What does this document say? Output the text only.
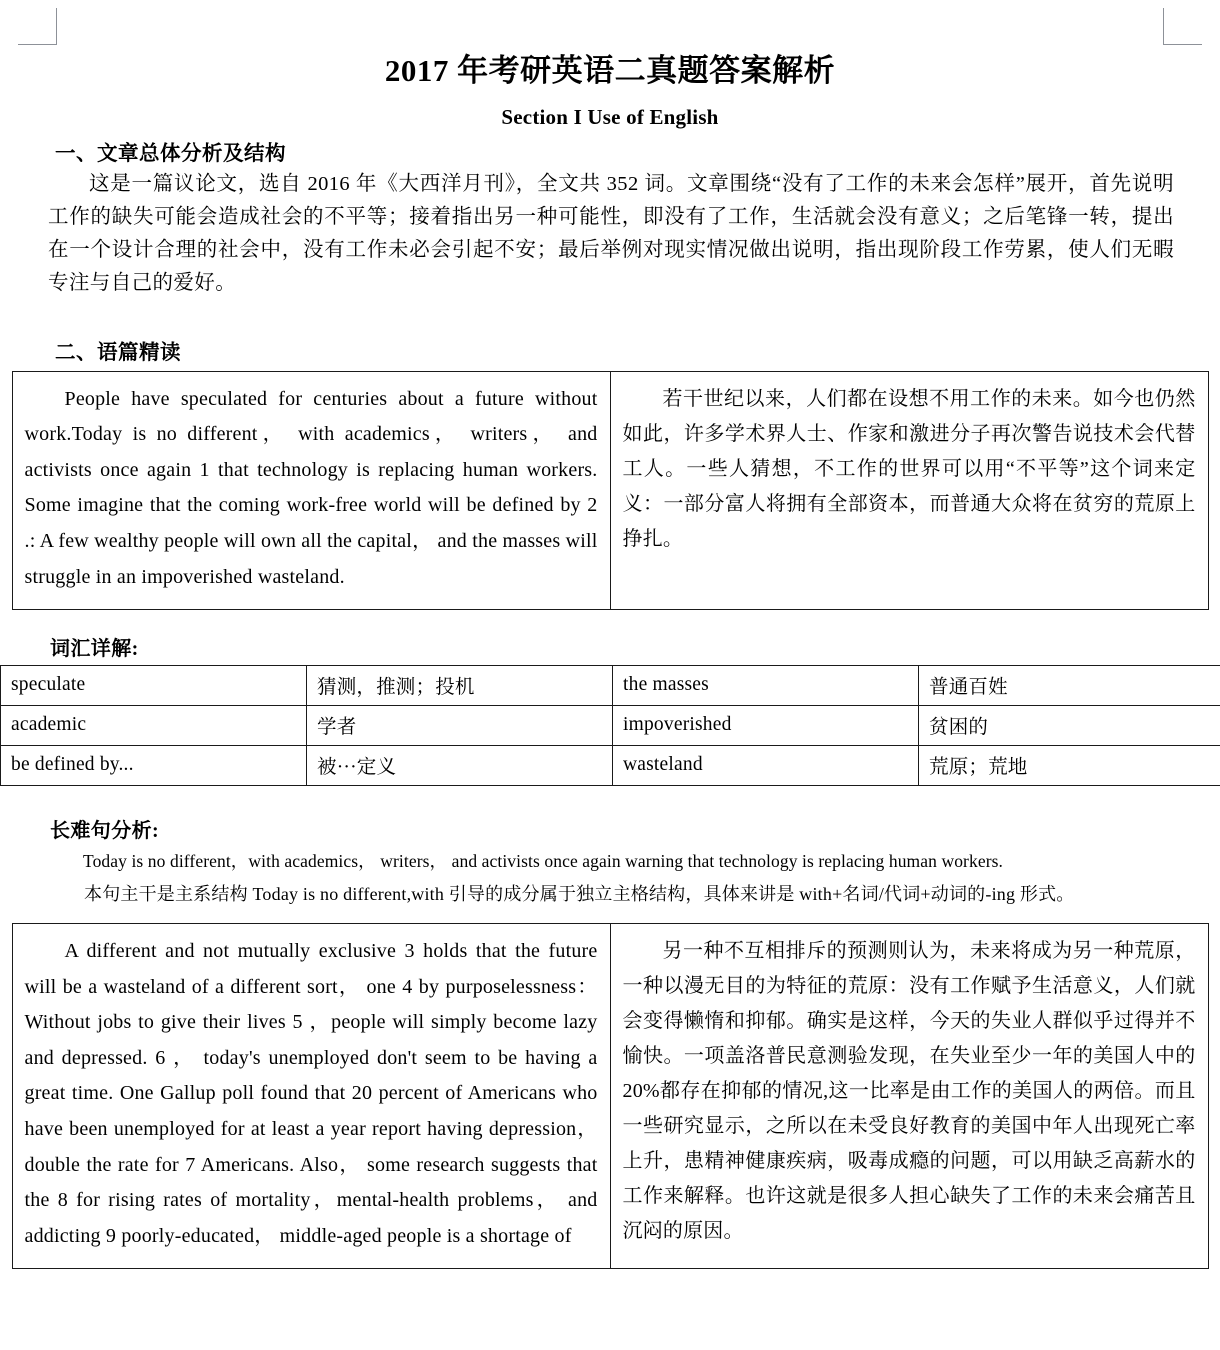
2017 年考研英语二真题答案解析
Section I Use of English
一、文章总体分析及结构

这是一篇议论文，选自 2016 年《大西洋月刊》，全文共 352 词。文章围绕“没有了工作的未来会怎样”展开，首先说明工作的缺失可能会造成社会的不平等；接着指出另一种可能性，即没有了工作，生活就会没有意义；之后笔锋一转，提出在一个设计合理的社会中，没有工作未必会引起不安；最后举例对现实情况做出说明，指出现阶段工作劳累，使人们无暇专注与自己的爱好。

二、语篇精读

People have speculated for centuries about a future without work.Today is no different， with academics， writers， and activists once again 1 that technology is replacing human workers. Some imagine that the coming work-free world will be defined by 2 .: A few wealthy people will own all the capital， and the masses will struggle in an impoverished wasteland.

若干世纪以来，人们都在设想不用工作的未来。如今也仍然如此，许多学术界人士、作家和激进分子再次警告说技术会代替工人。一些人猜想，不工作的世界可以用“不平等”这个词来定义：一部分富人将拥有全部资本，而普通大众将在贫穷的荒原上挣扎。

词汇详解:
speculate	猜测，推测；投机	the masses	普通百姓
academic	学者	impoverished	贫困的
be defined by...	被···定义	wasteland	荒原；荒地
长难句分析:

Today is no different，with academics， writers， and activists once again warning that technology is replacing human workers.

本句主干是主系结构 Today is no different,with 引导的成分属于独立主格结构，具体来讲是 with+名词/代词+动词的-ing 形式。

A different and not mutually exclusive 3 holds that the future will be a wasteland of a different sort， one 4 by purposelessness： Without jobs to give their lives 5 ，people will simply become lazy and depressed. 6 ， today's unemployed don't seem to be having a great time. One Gallup poll found that 20 percent of Americans who have been unemployed for at least a year report having depression， double the rate for 7 Americans. Also， some research suggests that the 8 for rising rates of mortality，mental-health problems， and addicting 9 poorly-educated， middle-aged people is a shortage of

另一种不互相排斥的预测则认为，未来将成为另一种荒原，一种以漫无目的为特征的荒原：没有工作赋予生活意义，人们就会变得懒惰和抑郁。确实是这样，今天的失业人群似乎过得并不愉快。一项盖洛普民意测验发现，在失业至少一年的美国人中的 20%都存在抑郁的情况,这一比率是由工作的美国人的两倍。而且一些研究显示，之所以在未受良好教育的美国中年人出现死亡率上升，患精神健康疾病，吸毒成瘾的问题，可以用缺乏高薪水的工作来解释。也许这就是很多人担心缺失了工作的未来会痛苦且沉闷的原因。
